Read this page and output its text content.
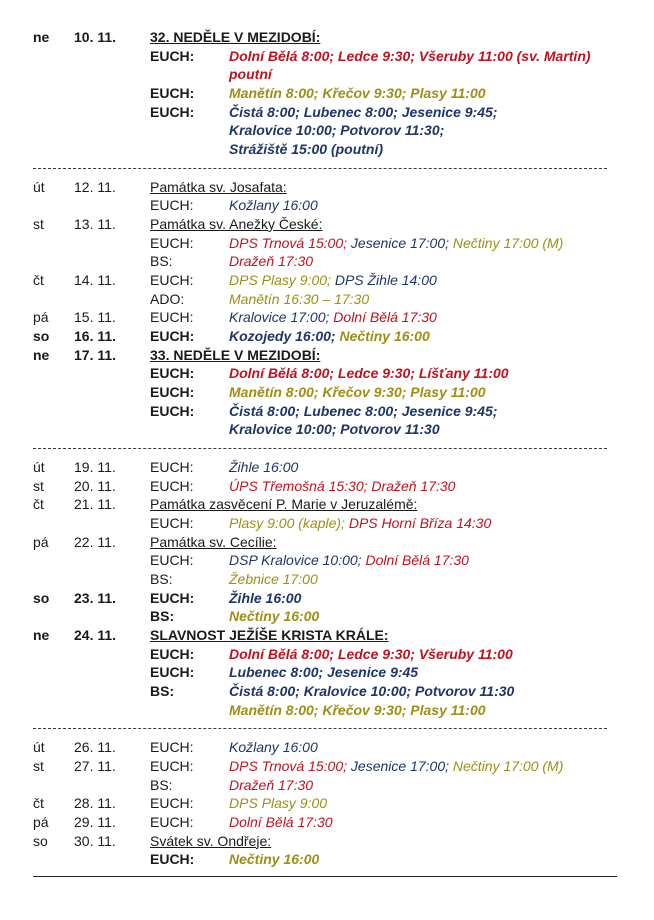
ne 10. 11. 32. NEDĚLE V MEZIDOBÍ:
EUCH: Dolní Bělá 8:00; Ledce 9:30; Všeruby 11:00 (sv. Martin)
poutní
EUCH: Manětín 8:00; Křečov 9:30; Plasy 11:00
EUCH: Čistá 8:00; Lubenec 8:00; Jesenice 9:45;
Kralovice 10:00; Potvorov 11:30;
Strážiště 15:00 (poutní)
út 12. 11. Památka sv. Josafata:
EUCH:	Kožlany 16:00
st 13. 11. Památka sv. Anežky České:
EUCH:	DPS Trnová 15:00; Jesenice 17:00; Nečtiny 17:00 (M)
BS:	Dražeň 17:30
čt 14. 11. EUCH:	DPS Plasy 9:00; DPS Žihle 14:00
ADO:	Manětín 16:30 – 17:30
pá 15. 11. EUCH:	Kralovice 17:00; Dolní Bělá 17:30
so 16. 11. EUCH: Kozojedy 16:00; Nečtiny 16:00
ne 17. 11. 33. NEDĚLE V MEZIDOBÍ:
EUCH: Dolní Bělá 8:00; Ledce 9:30; Líšťany 11:00
EUCH: Manětín 8:00; Křečov 9:30; Plasy 11:00
EUCH: Čistá 8:00; Lubenec 8:00; Jesenice 9:45;
Kralovice 10:00; Potvorov 11:30
út 19. 11. EUCH:	Žihle 16:00
st 20. 11. EUCH:	ÚPS Třemošná 15:30; Dražeň 17:30
čt 21. 11. Památka zasvěcení P. Marie v Jeruzalémě:
EUCH:	Plasy 9:00 (kaple); DPS Horní Bříza 14:30
pá 22. 11. Památka sv. Cecílie:
EUCH:	DSP Kralovice 10:00; Dolní Bělá 17:30
BS:	Žebnice 17:00
so 23. 11. EUCH: Žihle 16:00
BS:	Nečtiny 16:00
ne 24. 11. SLAVNOST JEŽÍŠE KRISTA KRÁLE:
EUCH: Dolní Bělá 8:00; Ledce 9:30; Všeruby 11:00
EUCH: Lubenec 8:00; Jesenice 9:45
BS:	Čistá 8:00; Kralovice 10:00; Potvorov 11:30
Manětín 8:00; Křečov 9:30; Plasy 11:00
út 26. 11. EUCH:	Kožlany 16:00
st 27. 11. EUCH:	DPS Trnová 15:00; Jesenice 17:00; Nečtiny 17:00 (M)
BS:	Dražeň 17:30
čt 28. 11. EUCH:	DPS Plasy 9:00
pá 29. 11. EUCH:	Dolní Bělá 17:30
so 30. 11. Svátek sv. Ondřeje:
EUCH: Nečtiny 16:00
